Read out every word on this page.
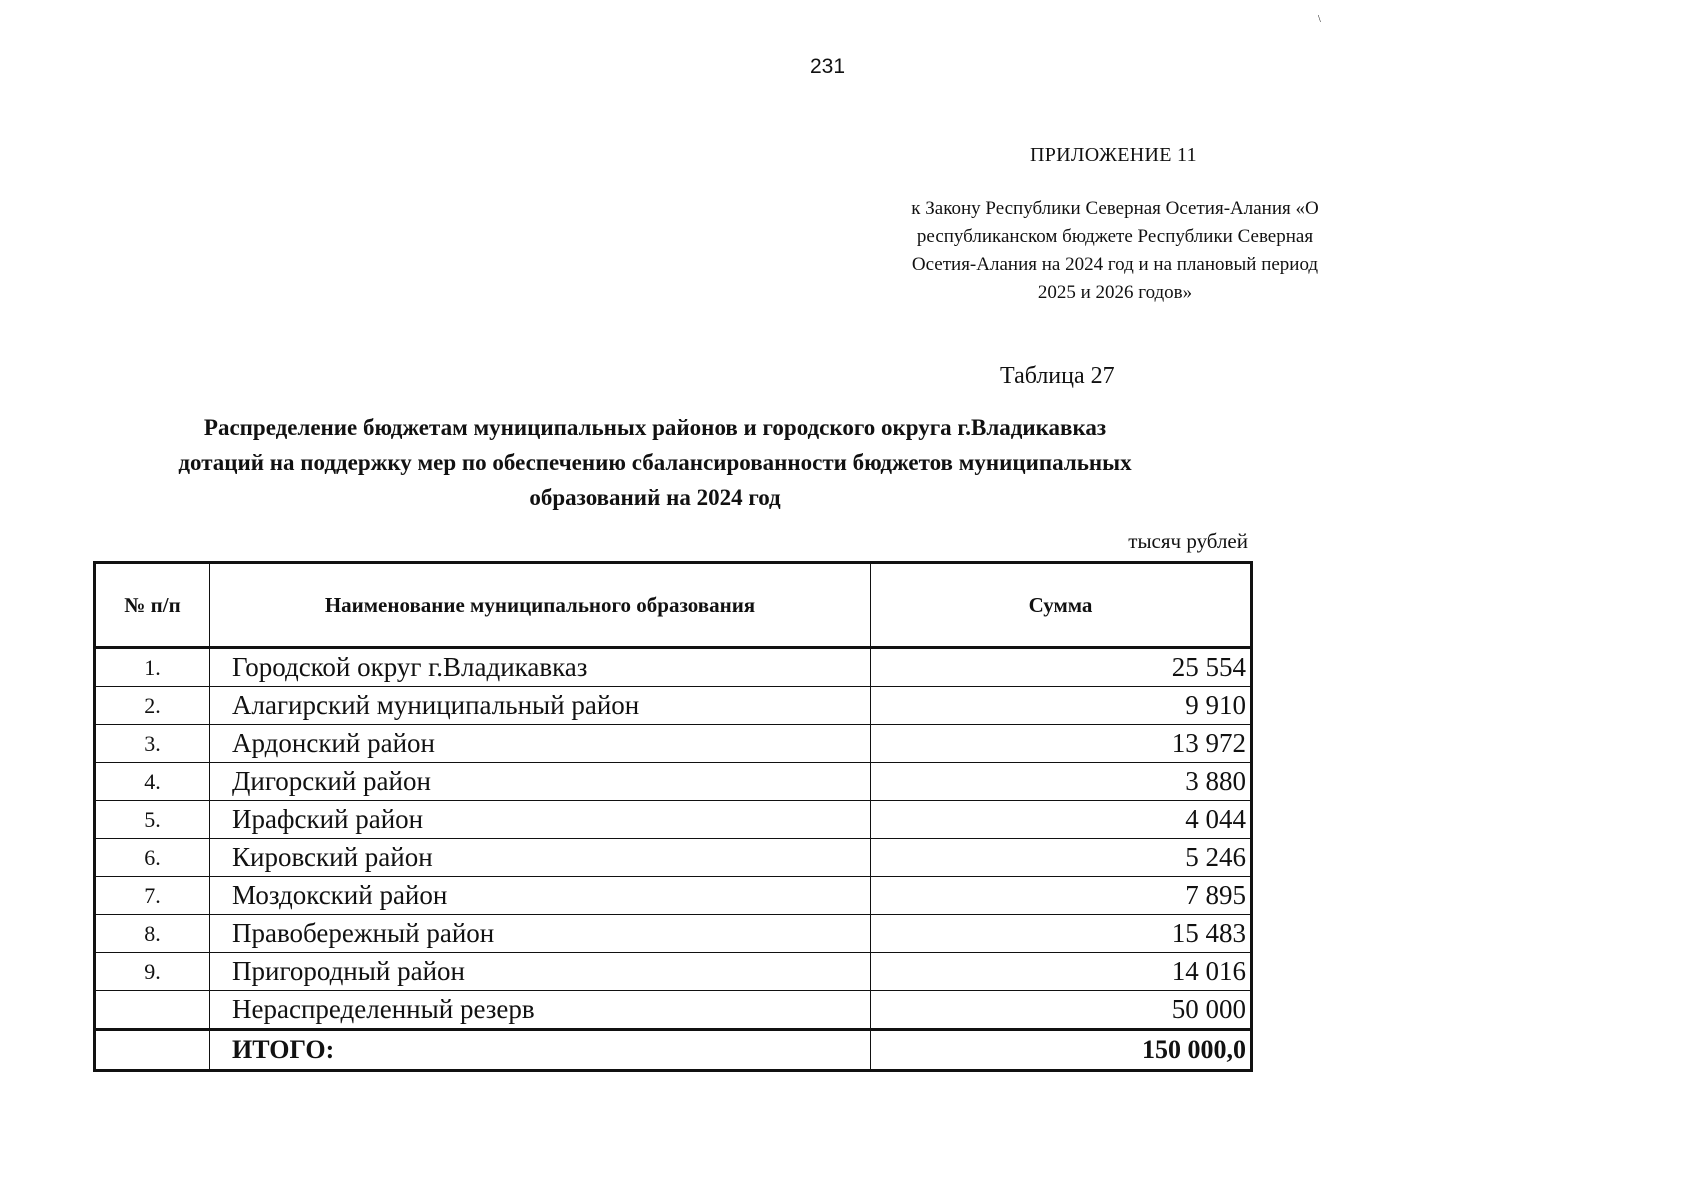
231
\
ПРИЛОЖЕНИЕ 11
к Закону Республики Северная Осетия-Алания «О
республиканском бюджете Республики Северная
Осетия-Алания на 2024 год и на плановый период
2025 и 2026 годов»
Таблица 27
Распределение бюджетам муниципальных районов и городского округа г.Владикавказ
дотаций на поддержку мер по обеспечению сбалансированности бюджетов муниципальных
образований на 2024 год
тысяч рублей
№ п/п	Наименование муниципального образования	Сумма
1.	Городской округ г.Владикавказ	25 554
2.	Алагирский муниципальный район	9 910
3.	Ардонский район	13 972
4.	Дигорский район	3 880
5.	Ирафский район	4 044
6.	Кировский район	5 246
7.	Моздокский район	7 895
8.	Правобережный район	15 483
9.	Пригородный район	14 016
	Нераспределенный резерв	50 000
	ИТОГО:	150 000,0
